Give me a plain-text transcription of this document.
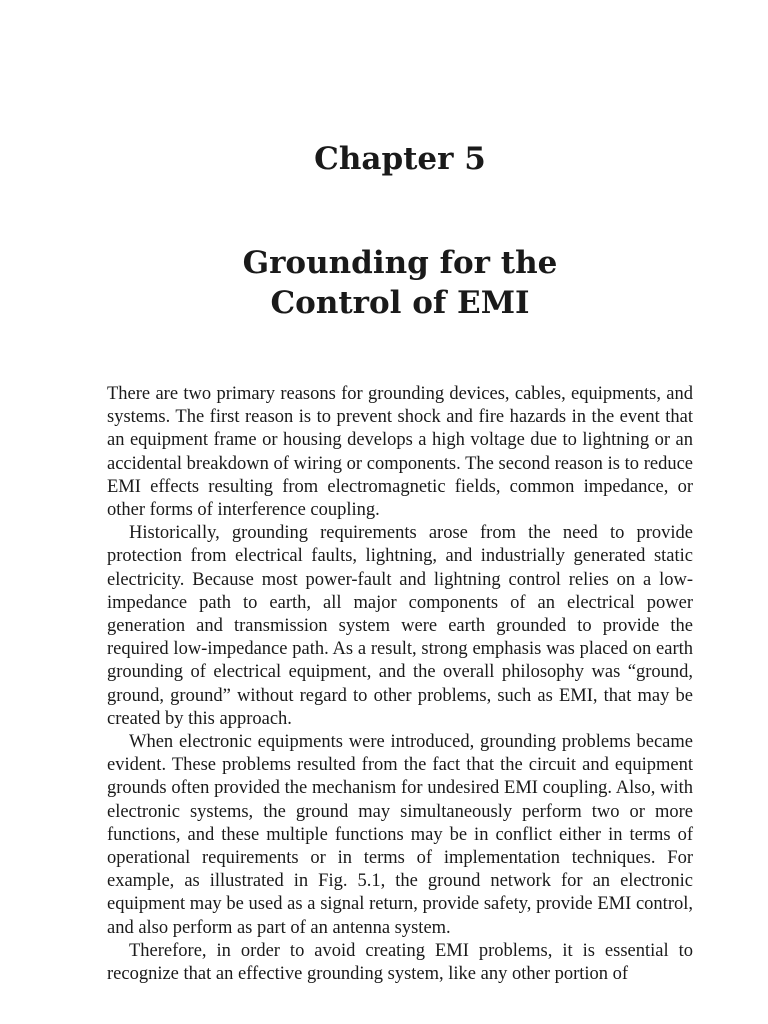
Chapter 5
Grounding for the
Control of EMI

There are two primary reasons for grounding devices, cables, equipments, and systems. The first reason is to prevent shock and fire hazards in the event that an equipment frame or housing develops a high voltage due to lightning or an accidental breakdown of wiring or components. The second reason is to reduce EMI effects resulting from electromagnetic fields, common impedance, or other forms of interference coupling.

Historically, grounding requirements arose from the need to provide protection from electrical faults, lightning, and industrially generated static electricity. Because most power-fault and lightning control relies on a low-impedance path to earth, all major components of an electrical power generation and transmission system were earth grounded to provide the required low-impedance path. As a result, strong emphasis was placed on earth grounding of electrical equipment, and the overall philosophy was “ground, ground, ground” without regard to other problems, such as EMI, that may be created by this approach.

When electronic equipments were introduced, grounding problems became evident. These problems resulted from the fact that the circuit and equipment grounds often provided the mechanism for undesired EMI coupling. Also, with electronic systems, the ground may simultaneously perform two or more functions, and these multiple functions may be in conflict either in terms of operational requirements or in terms of implementation techniques. For example, as illustrated in Fig. 5.1, the ground network for an electronic equipment may be used as a signal return, provide safety, provide EMI control, and also perform as part of an antenna system.

Therefore, in order to avoid creating EMI problems, it is essential to recognize that an effective grounding system, like any other portion of
